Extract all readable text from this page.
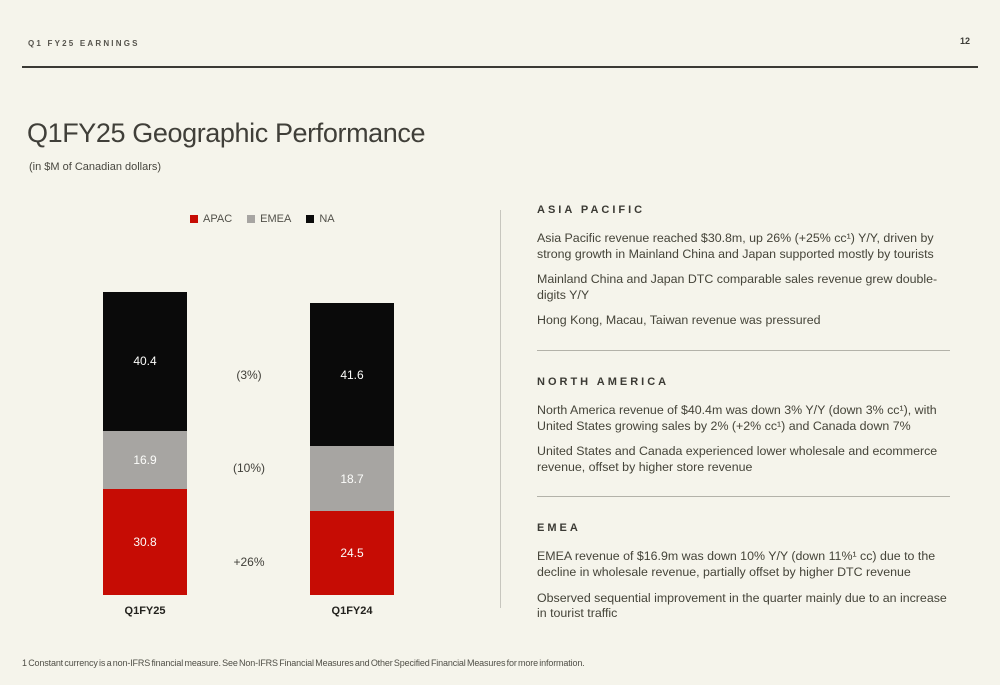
Q1 FY25 EARNINGS	12
Q1FY25 Geographic Performance
(in $M of Canadian dollars)
APAC	EMEA	NA
40.4
16.9
30.8
Q1FY25
41.6
18.7
24.5
Q1FY24
(3%)
(10%)
+26%
ASIA PACIFIC

Asia Pacific revenue reached $30.8m, up 26% (+25% cc¹) Y/Y, driven by strong growth in Mainland China and Japan supported mostly by tourists

Mainland China and Japan DTC comparable sales revenue grew double-digits Y/Y

Hong Kong, Macau, Taiwan revenue was pressured

NORTH AMERICA

North America revenue of $40.4m was down 3% Y/Y (down 3% cc¹), with United States growing sales by 2% (+2% cc¹) and Canada down 7%

United States and Canada experienced lower wholesale and ecommerce revenue, offset by higher store revenue

EMEA

EMEA revenue of $16.9m was down 10% Y/Y (down 11%¹ cc) due to the decline in wholesale revenue, partially offset by higher DTC revenue

Observed sequential improvement in the quarter mainly due to an increase in tourist traffic

1 Constant currency is a non-IFRS financial measure. See Non-IFRS Financial Measures and Other Specified Financial Measures for more information.
